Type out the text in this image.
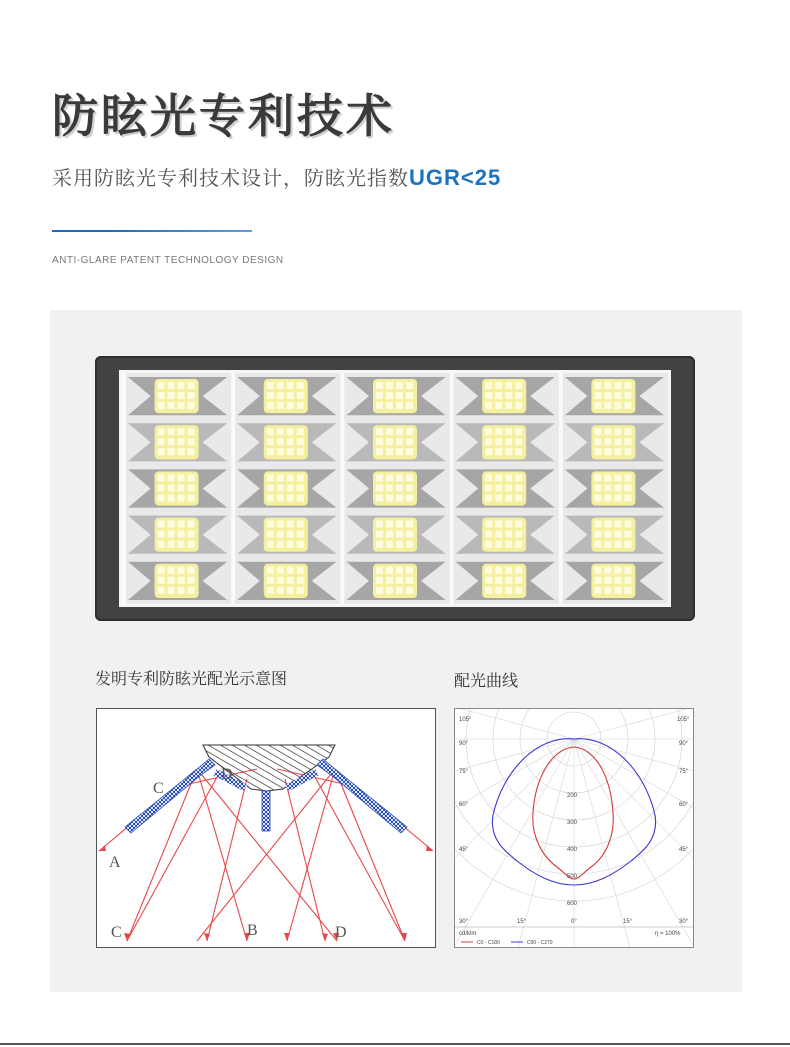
防眩光专利技术
采用防眩光专利技术设计，防眩光指数UGR<25
ANTI-GLARE PATENT TECHNOLOGY DESIGN
发明专利防眩光配光示意图	配光曲线
A
C
D
C	B	D
105°	105°
90°	90°
75°	75°
60°	60°
45°	45°
30°	15°	0°	15°	30°
200
300
400
500
600
cd/klm
C0 - C180	C90 - C270
η = 100%
